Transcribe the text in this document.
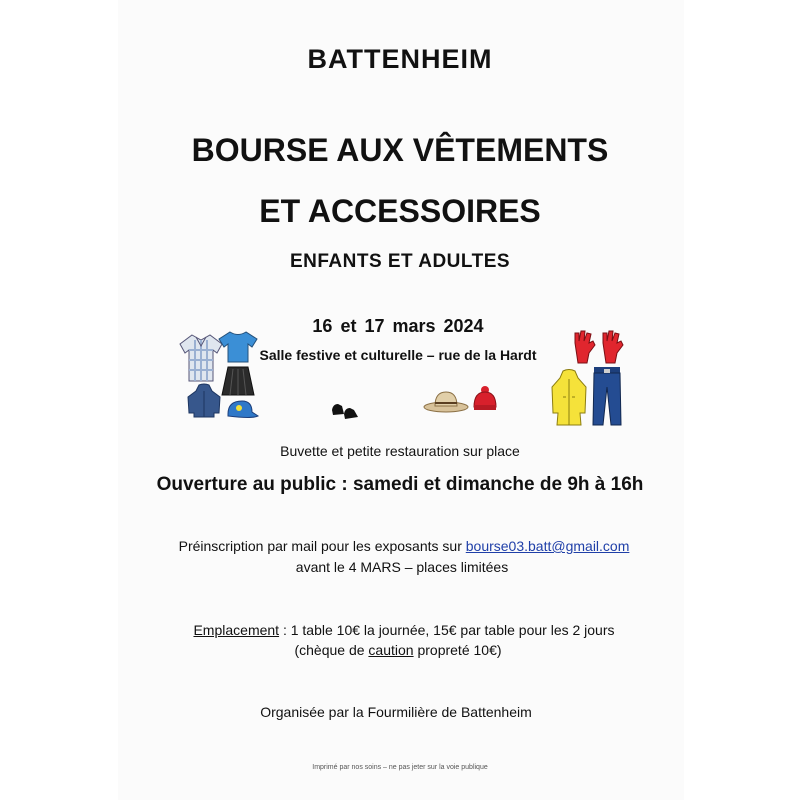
BATTENHEIM
BOURSE AUX VÊTEMENTS
ET ACCESSOIRES
ENFANTS ET ADULTES
16 et 17 mars 2024
Salle festive et culturelle – rue de la Hardt
Buvette et petite restauration sur place
Ouverture au public : samedi et dimanche de 9h à 16h
Préinscription par mail pour les exposants sur bourse03.batt@gmail.com
avant le 4 MARS – places limitées
Emplacement : 1 table 10€ la journée, 15€ par table pour les 2 jours
(chèque de caution propreté 10€)
Organisée par la Fourmilière de Battenheim
Imprimé par nos soins – ne pas jeter sur la voie publique
